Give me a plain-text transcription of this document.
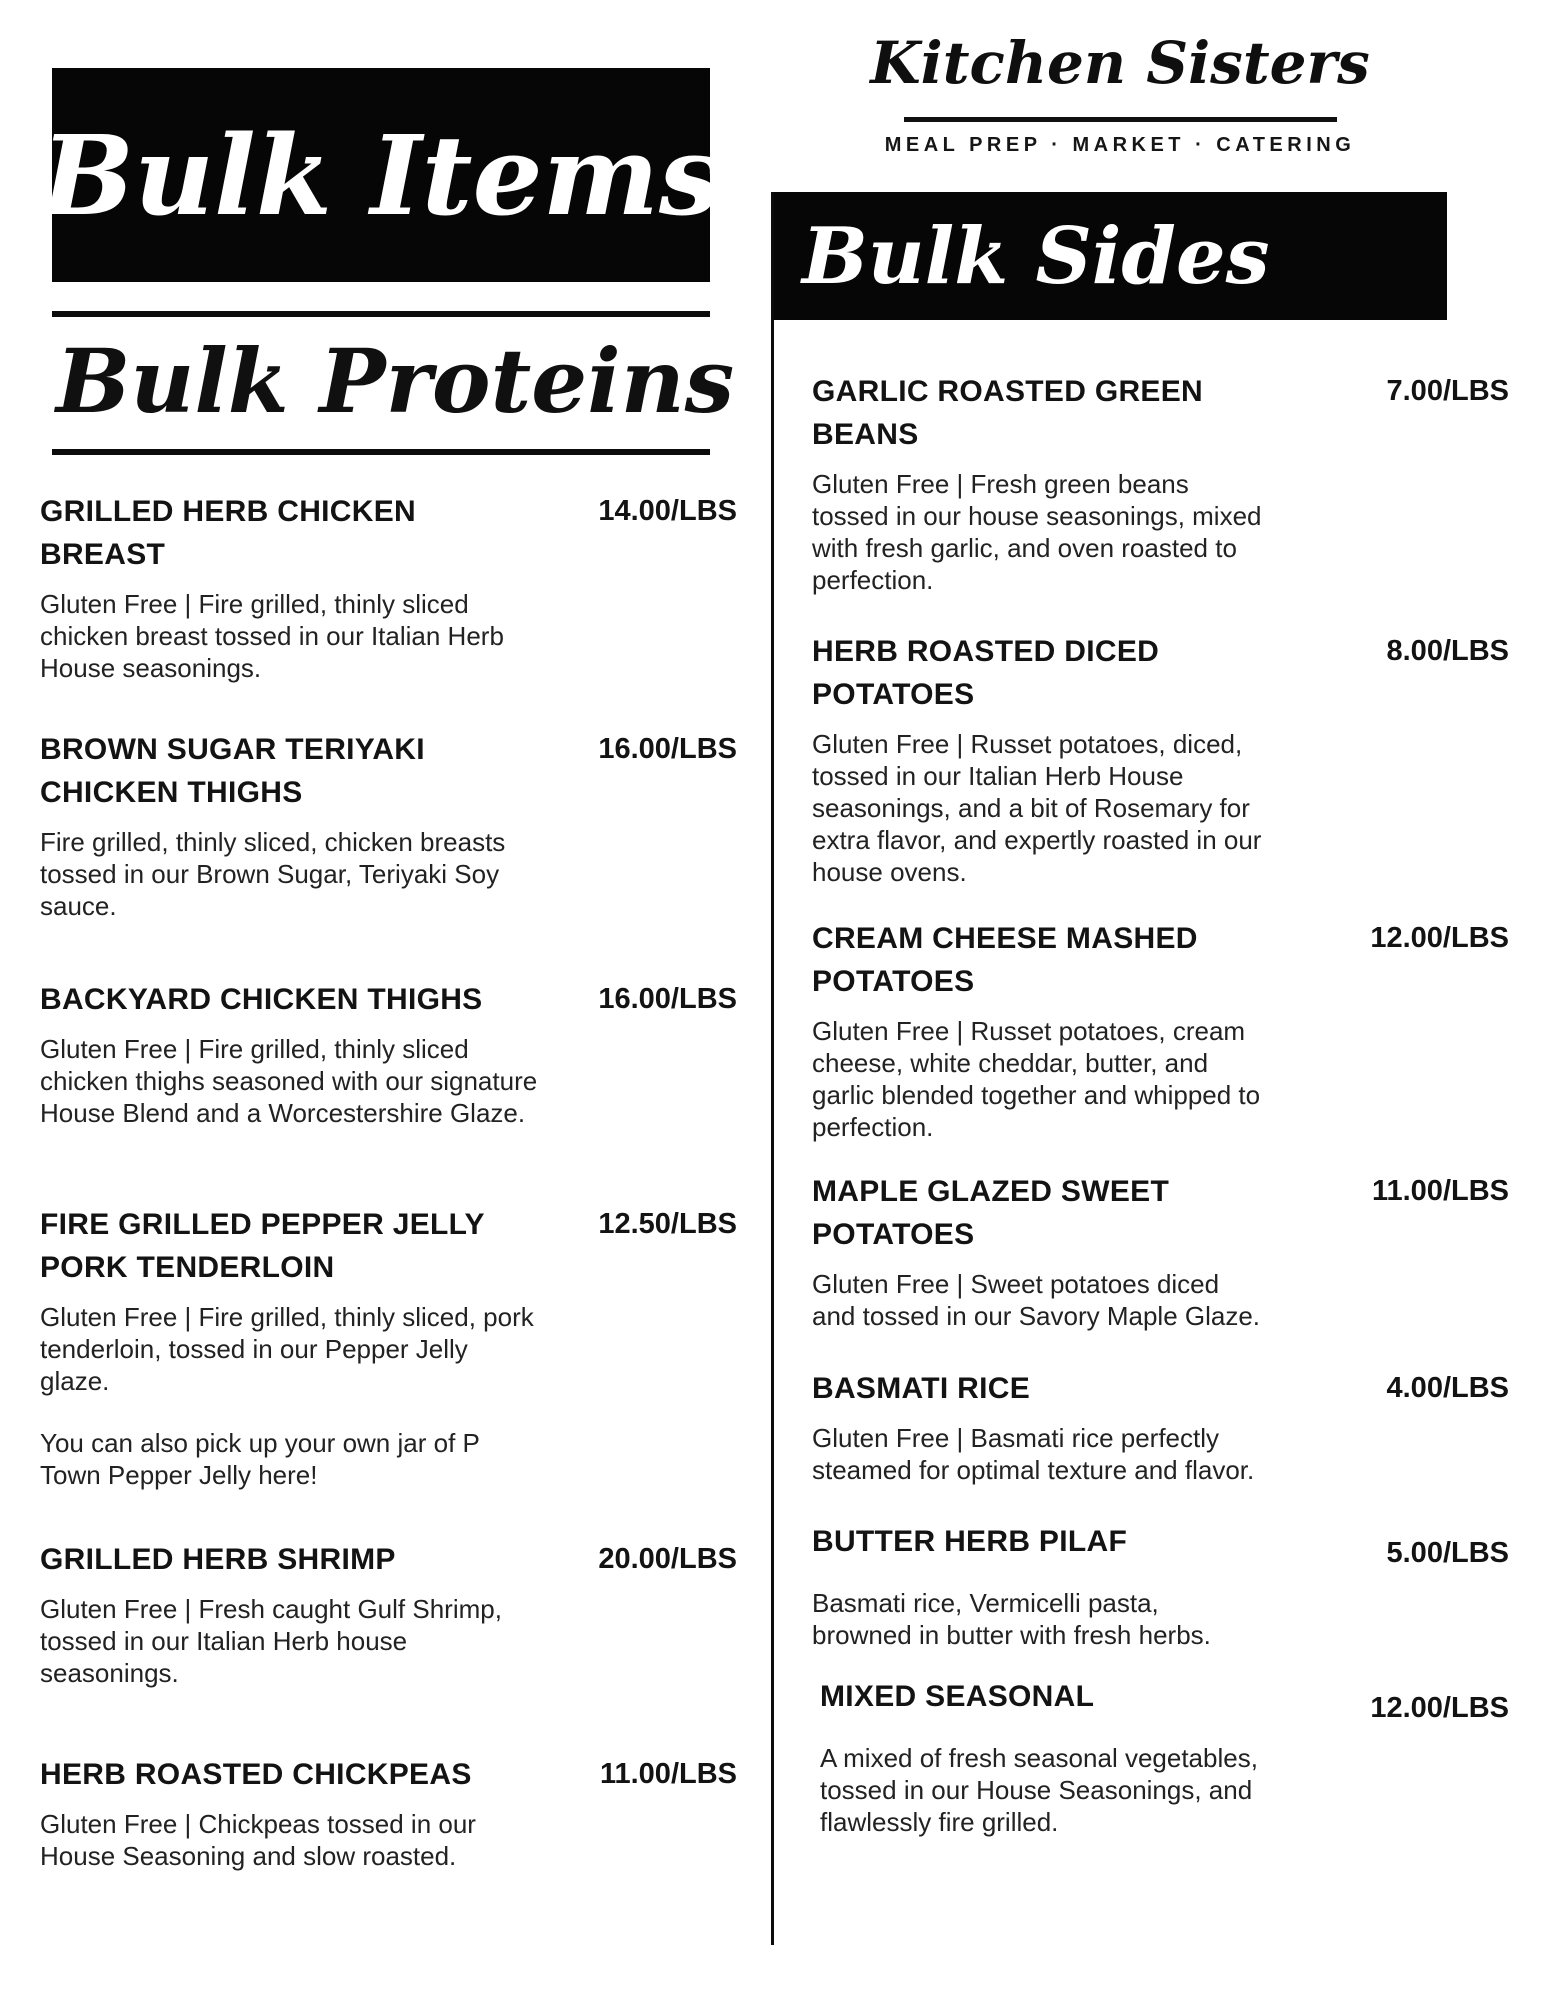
Bulk Items
Kitchen Sisters
MEAL PREP · MARKET · CATERING
Bulk Sides
Bulk Proteins
GRILLED HERB CHICKEN
BREAST
14.00/LBS

Gluten Free | Fire grilled, thinly sliced chicken breast tossed in our Italian Herb House seasonings.

BROWN SUGAR TERIYAKI
CHICKEN THIGHS
16.00/LBS

Fire grilled, thinly sliced, chicken breasts tossed in our Brown Sugar, Teriyaki Soy sauce.

BACKYARD CHICKEN THIGHS	16.00/LBS

Gluten Free | Fire grilled, thinly sliced chicken thighs seasoned with our signature House Blend and a Worcestershire Glaze.

FIRE GRILLED PEPPER JELLY
PORK TENDERLOIN
12.50/LBS

Gluten Free | Fire grilled, thinly sliced, pork tenderloin, tossed in our Pepper Jelly glaze.

You can also pick up your own jar of P Town Pepper Jelly here!

GRILLED HERB SHRIMP	20.00/LBS

Gluten Free | Fresh caught Gulf Shrimp, tossed in our Italian Herb house seasonings.

HERB ROASTED CHICKPEAS	11.00/LBS

Gluten Free | Chickpeas tossed in our House Seasoning and slow roasted.

GARLIC ROASTED GREEN
BEANS
7.00/LBS

Gluten Free | Fresh green beans tossed in our house seasonings, mixed with fresh garlic, and oven roasted to perfection.

HERB ROASTED DICED
POTATOES
8.00/LBS

Gluten Free | Russet potatoes, diced, tossed in our Italian Herb House seasonings, and a bit of Rosemary for extra flavor, and expertly roasted in our house ovens.

CREAM CHEESE MASHED
POTATOES
12.00/LBS

Gluten Free | Russet potatoes, cream cheese, white cheddar, butter, and garlic blended together and whipped to perfection.

MAPLE GLAZED SWEET
POTATOES
11.00/LBS

Gluten Free | Sweet potatoes diced and tossed in our Savory Maple Glaze.

BASMATI RICE	4.00/LBS

Gluten Free | Basmati rice perfectly steamed for optimal texture and flavor.

BUTTER HERB PILAF	5.00/LBS

Basmati rice, Vermicelli pasta, browned in butter with fresh herbs.

MIXED SEASONAL	12.00/LBS

A mixed of fresh seasonal vegetables, tossed in our House Seasonings, and flawlessly fire grilled.
